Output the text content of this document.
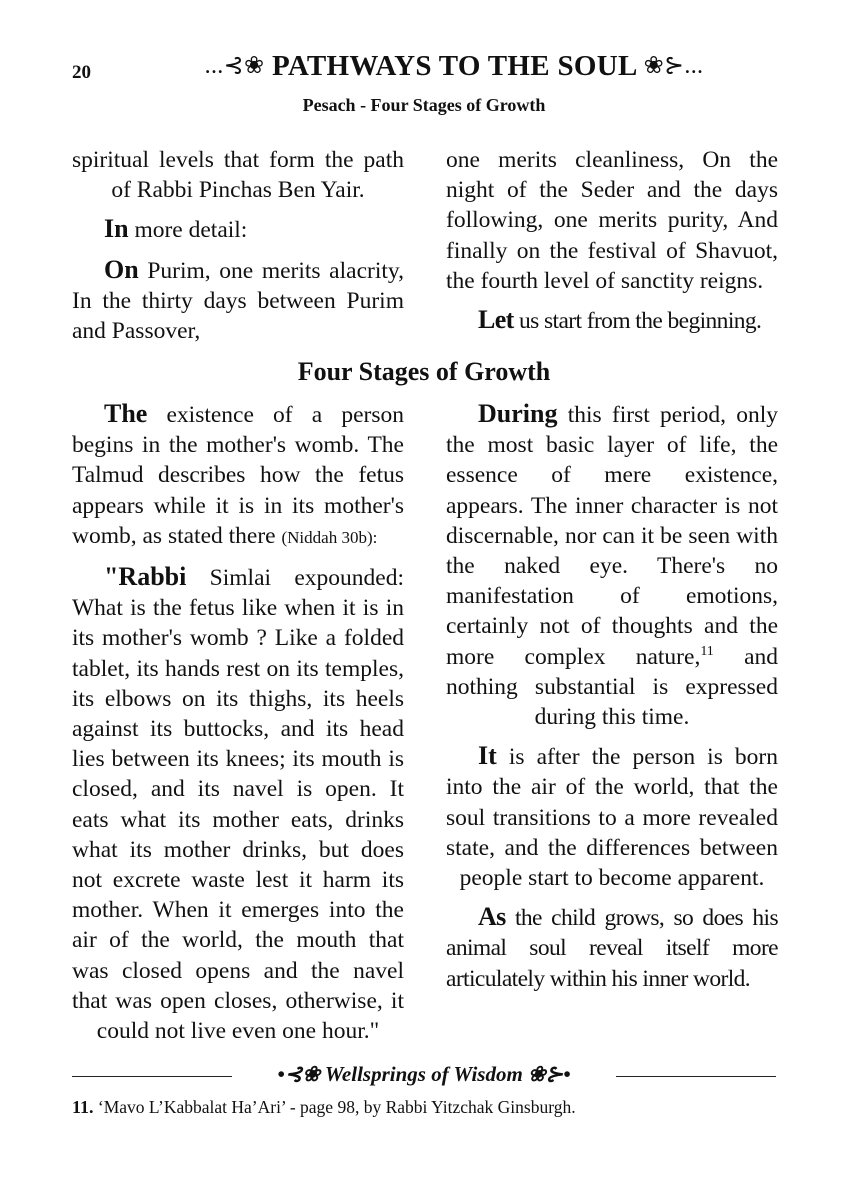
20	...⊰❀ PATHWAYS TO THE SOUL ❀⊱...
Pesach - Four Stages of Growth

spiritual levels that form the path of Rabbi Pinchas Ben Yair.

In more detail:

On Purim, one merits alacrity, In the thirty days between Purim and Passover,

one merits cleanliness, On the night of the Seder and the days following, one merits purity, And finally on the festival of Shavuot, the fourth level of sanctity reigns.

Let us start from the beginning.

Four Stages of Growth

The existence of a person begins in the mother's womb. The Talmud describes how the fetus appears while it is in its mother's womb, as stated there (Niddah 30b):

"Rabbi Simlai expounded: What is the fetus like when it is in its mother's womb ? Like a folded tablet, its hands rest on its temples, its elbows on its thighs, its heels against its buttocks, and its head lies between its knees; its mouth is closed, and its navel is open. It eats what its mother eats, drinks what its mother drinks, but does not excrete waste lest it harm its mother. When it emerges into the air of the world, the mouth that was closed opens and the navel that was open closes, otherwise, it could not live even one hour."

During this first period, only the most basic layer of life, the essence of mere existence, appears. The inner character is not discernable, nor can it be seen with the naked eye. There's no manifestation of emotions, certainly not of thoughts and the more complex nature,$^{11}$ and nothing substantial is expressed during this time.

It is after the person is born into the air of the world, that the soul transitions to a more revealed state, and the differences between people start to become apparent.

As the child grows, so does his animal soul reveal itself more articulately within his inner world.

•⊰❀ Wellsprings of Wisdom ❀⊱•
11. ‘Mavo L’Kabbalat Ha’Ari’ - page 98, by Rabbi Yitzchak Ginsburgh.
